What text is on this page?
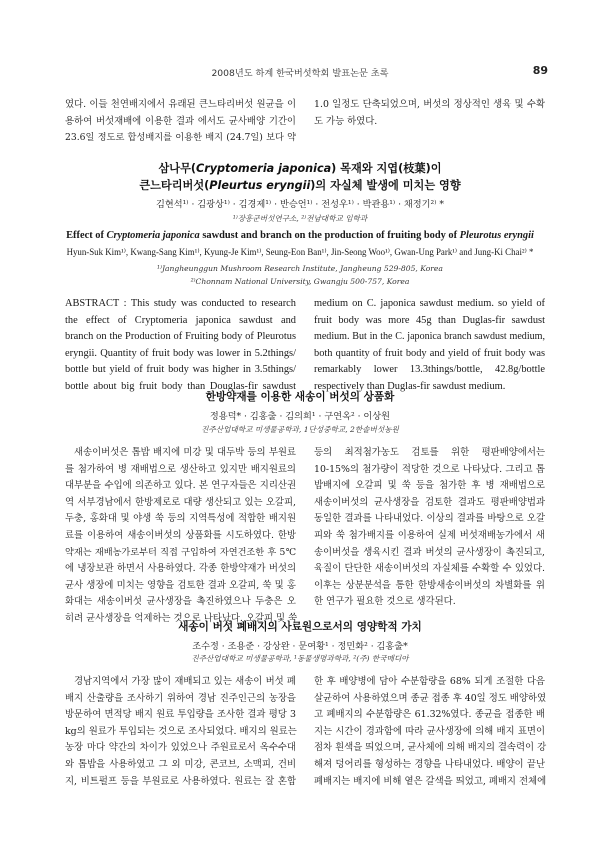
2008년도 하계 한국버섯학회 발표논문 초록	89
였다. 이들 천연배지에서 유래된 큰느타리버섯 원균을 이
용하여 버섯재배에 이용한 결과 에서도 균사배양 기간이
23.6일 정도로 합성배지를 이용한 배지 (24.7일) 보다 약
1.0 일정도 단축되었으며, 버섯의 정상적인 생육 및 수확
도 가능 하였다.
삼나무(Cryptomeria japonica) 목재와 지엽(枝葉)이
큰느타리버섯(Pleurtus eryngii)의 자실체 발생에 미치는 영향
김현석¹⁾ · 김광상¹⁾ · 김경제¹⁾ · 반승언¹⁾ · 전성우¹⁾ · 박관용¹⁾ · 채정기²⁾ *
¹⁾장흥군버섯연구소, ²⁾전남대학교 임학과
Effect of Cryptomeria japonica sawdust and branch on the production of fruiting body of Pleurotus eryngii
Hyun-Suk Kim¹⁾, Kwang-Sang Kim¹⁾, Kyung-Je Kim¹⁾, Seung-Eon Ban¹⁾, Jin-Seong Woo¹⁾, Gwan-Ung Park¹⁾ and Jung-Ki Chai²⁾ *
¹⁾Jangheunggun Mushroom Research Institute, Jangheung 529-805, Korea
²⁾Chonnam National University, Gwangju 500-757, Korea
ABSTRACT : This study was conducted to research
the effect of Cryptomeria japonica sawdust and
branch on the Production of Fruiting body of Pleurotus
eryngii. Quantity of fruit body was lower in 5.2things/
bottle but yield of fruit body was higher in 3.5things/
bottle about big fruit body than Douglas-fir sawdust
medium on C. japonica sawdust medium. so yield of
fruit body was more 45g than Duglas-fir sawdust
medium. But in the C. japonica branch sawdust medium,
both quantity of fruit body and yield of fruit body was
remarkably lower 13.3things/bottle, 42.8g/bottle
respectively than Duglas-fir sawdust medium.
한방약재를 이용한 새송이 버섯의 상품화
정용덕* · 김홍출 · 김의희¹ · 구연옥² · 이상원
진주산업대학교 미생물공학과, 1단성중학교, 2한솔버섯농원
새송이버섯은 톱밥 배지에 미강 및 대두박 등의 부원료
를 첨가하여 병 재배법으로 생산하고 있지만 배지원료의
대부분을 수입에 의존하고 있다. 본 연구자들은 지리산권
역 서부경남에서 한방제로로 대량 생산되고 있는 오갈피,
두충, 홍화대 및 야생 쑥 등의 지역특성에 적합한 배지원
료를 이용하여 새송이버섯의 상품화를 시도하였다. 한방
약재는 재배농가로부터 직접 구입하여 자연건조한 후 5℃
에 냉장보관 하면서 사용하였다. 각종 한방약재가 버섯의
균사 생장에 미치는 영향을 검토한 결과 오갈피, 쑥 및 홍
화대는 새송이버섯 균사생장을 촉진하였으나 두충은 오
히려 균사생장을 억제하는 것으로 나타났다. 오갈피 및 쑥
등의 최적첨가농도 검토를 위한 평판배양에서는
10-15%의 첨가량이 적당한 것으로 나타났다. 그리고 톱
밥배지에 오갈피 및 쑥 등을 첨가한 후 병 재배법으로
새송이버섯의 균사생장을 검토한 결과도 평판배양법과
동일한 결과를 나타내었다. 이상의 결과를 바탕으로 오갈
피와 쑥 첨가배지를 이용하여 실제 버섯재배농가에서 새
송이버섯을 생육시킨 결과 버섯의 균사생장이 촉진되고,
육질이 단단한 새송이버섯의 자실체를 수확할 수 있었다.
이후는 상분분석을 통한 한방새송이버섯의 차별화를 위
한 연구가 필요한 것으로 생각된다.
새송이 버섯 폐배지의 사료원으로서의 영양학적 가치
조수정 · 조용준 · 강상완 · 문여황¹ · 정민화² · 김홍출*
진주산업대학교 미생물공학과, ¹동물생명과학과, ²(주) 한국메디아
경남지역에서 가장 많이 재배되고 있는 새송이 버섯 폐
배지 산출량을 조사하기 위하여 경남 진주인근의 농장을
방문하여 면적당 배지 원료 투입량을 조사한 결과 평당 3
kg의 원료가 투입되는 것으로 조사되었다. 배지의 원료는
농장 마다 약간의 차이가 있었으나 주원료로서 옥수수대
와 톱밥을 사용하였고 그 외 미강, 콘코브, 소맥피, 건비
지, 비트펄프 등을 부원료로 사용하였다. 원료는 잘 혼합
한 후 배양병에 담아 수분함량을 68% 되게 조절한 다음
살균하여 사용하였으며 종균 접종 후 40일 정도 배양하였
고 폐배지의 수분함량은 61.32%였다. 종균을 접종한 배
지는 시간이 경과함에 따라 균사생장에 의해 배지 표면이
점차 흰색을 띄었으며, 균사체에 의해 배지의 결속력이 강
해져 덩어리를 형성하는 경향을 나타내었다. 배양이 끝난
폐배지는 배지에 비해 옅은 갈색을 띄었고, 폐배지 전체에
